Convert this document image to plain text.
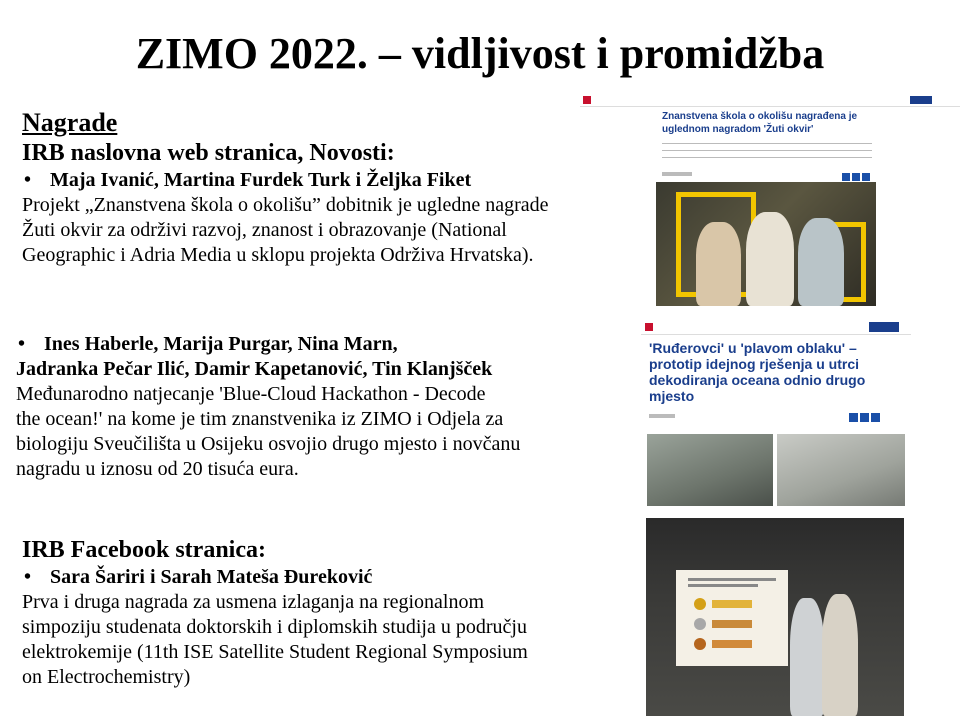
ZIMO 2022. – vidljivost i promidžba
Nagrade
IRB naslovna web stranica, Novosti:
• Maja Ivanić, Martina Furdek Turk i Željka Fiket
Projekt „Znanstvena škola o okolišu” dobitnik je ugledne nagrade
Žuti okvir za održivi razvoj, znanost i obrazovanje (National
Geographic i Adria Media u sklopu projekta Održiva Hrvatska).
• Ines Haberle, Marija Purgar, Nina Marn,
Jadranka Pečar Ilić, Damir Kapetanović, Tin Klanjšček
Međunarodno natjecanje 'Blue-Cloud Hackathon - Decode
the ocean!' na kome je tim znanstvenika iz ZIMO i Odjela za
biologiju Sveučilišta u Osijeku osvojio drugo mjesto i novčanu
nagradu u iznosu od 20 tisuća eura.
IRB Facebook stranica:
• Sara Šariri i Sarah Mateša Đureković
Prva i druga nagrada za usmena izlaganja na regionalnom
simpoziju studenata doktorskih i diplomskih studija u području
elektrokemije (11th ISE Satellite Student Regional Symposium
on Electrochemistry)
Znanstvena škola o okolišu nagrađena je uglednom nagradom 'Žuti okvir'
'Ruđerovci' u 'plavom oblaku' – prototip idejnog rješenja u utrci dekodiranja oceana odnio drugo mjesto
